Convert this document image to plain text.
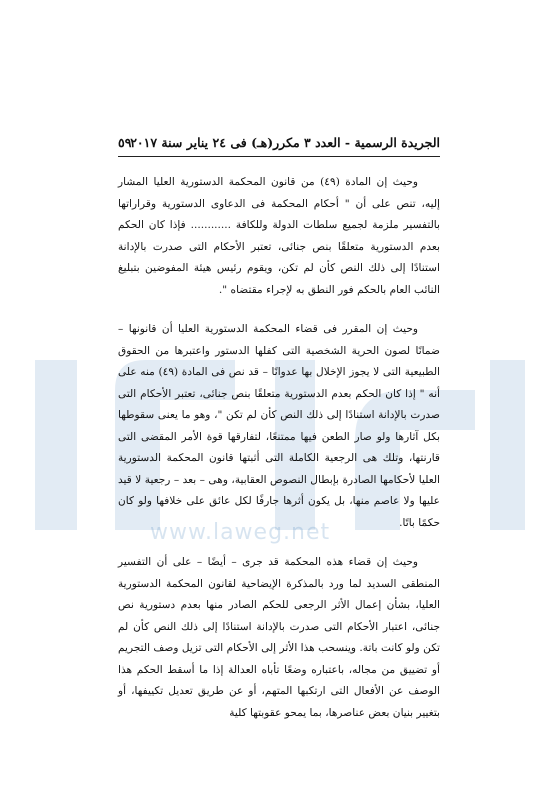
www.laweg.net
الجريدة الرسمية - العدد ٣ مكرر(هـ) فى ٢٤ يناير سنة ٢٠١٧
٥٩

وحيث إن المادة (٤٩) من قانون المحكمة الدستورية العليا المشار إليه، تنص على أن " أحكام المحكمة فى الدعاوى الدستورية وقراراتها بالتفسير ملزمة لجميع سلطات الدولة وللكافة ............ فإذا كان الحكم بعدم الدستورية متعلقًا بنص جنائى، تعتبر الأحكام التى صدرت بالإدانة استنادًا إلى ذلك النص كأن لم تكن، ويقوم رئيس هيئة المفوضين بتبليغ النائب العام بالحكم فور النطق به لإجراء مقتضاه ".

وحيث إن المقرر فى قضاء المحكمة الدستورية العليا أن قانونها – ضمانًا لصون الحرية الشخصية التى كفلها الدستور واعتبرها من الحقوق الطبيعية التى لا يجوز الإخلال بها عدوانًا – قد نص فى المادة (٤٩) منه على أنه " إذا كان الحكم بعدم الدستورية متعلقًا بنص جنائى، تعتبر الأحكام التى صدرت بالإدانة استنادًا إلى ذلك النص كأن لم تكن "، وهو ما يعنى سقوطها بكل آثارها ولو صار الطعن فيها ممتنعًا، لتفارقها قوة الأمر المقضى التى قارنتها، وتلك هى الرجعية الكاملة التى أثبتها قانون المحكمة الدستورية العليا لأحكامها الصادرة بإبطال النصوص العقابية، وهى – بعد – رجعية لا قيد عليها ولا عاصم منها، بل يكون أثرها جارفًا لكل عائق على خلافها ولو كان حكمًا باتًا.

وحيث إن قضاء هذه المحكمة قد جرى – أيضًا – على أن التفسير المنطقى السديد لما ورد بالمذكرة الإيضاحية لقانون المحكمة الدستورية العليا، بشأن إعمال الأثر الرجعى للحكم الصادر منها بعدم دستورية نص جنائى، اعتبار الأحكام التى صدرت بالإدانة استنادًا إلى ذلك النص كأن لم تكن ولو كانت باتة. وينسحب هذا الأثر إلى الأحكام التى تزيل وصف التجريم أو تضييق من مجاله، باعتباره وضعًا تأباه العدالة إذا ما أسقط الحكم هذا الوصف عن الأفعال التى ارتكبها المتهم، أو عن طريق تعديل تكييفها، أو بتغيير بنيان بعض عناصرها، بما يمحو عقوبتها كلية
